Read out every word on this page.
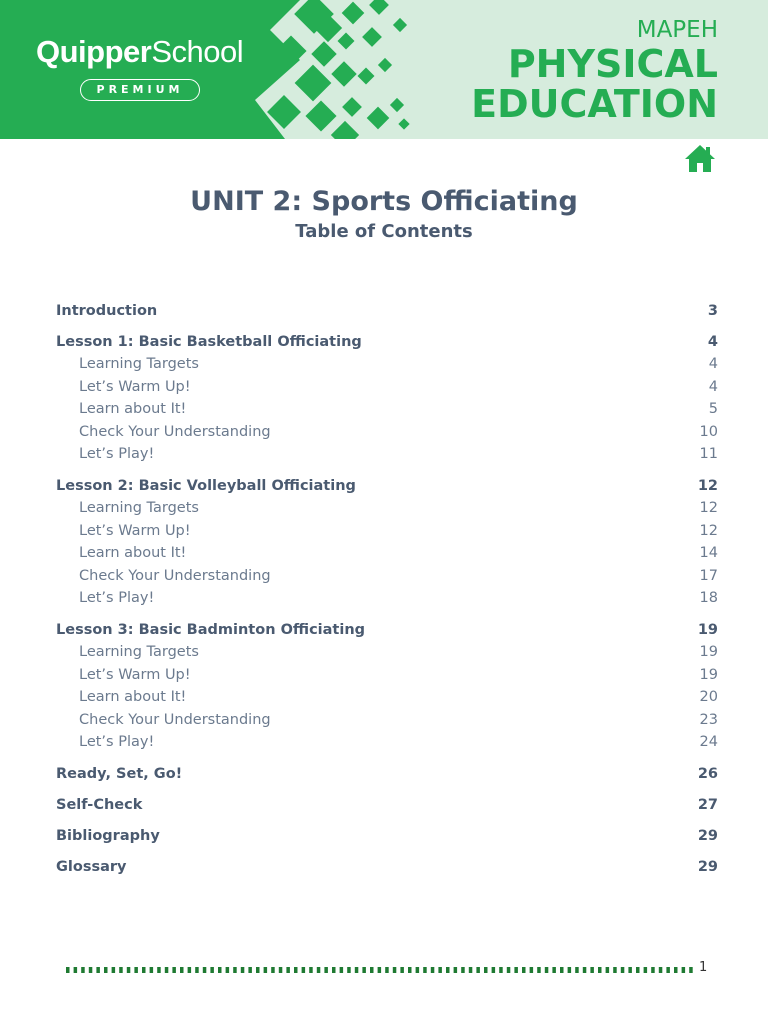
QuipperSchool
PREMIUM
MAPEH
PHYSICAL
EDUCATION
UNIT 2: Sports Officiating
Table of Contents
Introduction	3
Lesson 1: Basic Basketball Officiating	4
Learning Targets	4
Let’s Warm Up!	4
Learn about It!	5
Check Your Understanding	10
Let’s Play!	11
Lesson 2: Basic Volleyball Officiating	12
Learning Targets	12
Let’s Warm Up!	12
Learn about It!	14
Check Your Understanding	17
Let’s Play!	18
Lesson 3: Basic Badminton Officiating	19
Learning Targets	19
Let’s Warm Up!	19
Learn about It!	20
Check Your Understanding	23
Let’s Play!	24
Ready, Set, Go!	26
Self-Check	27
Bibliography	29
Glossary	29
1
